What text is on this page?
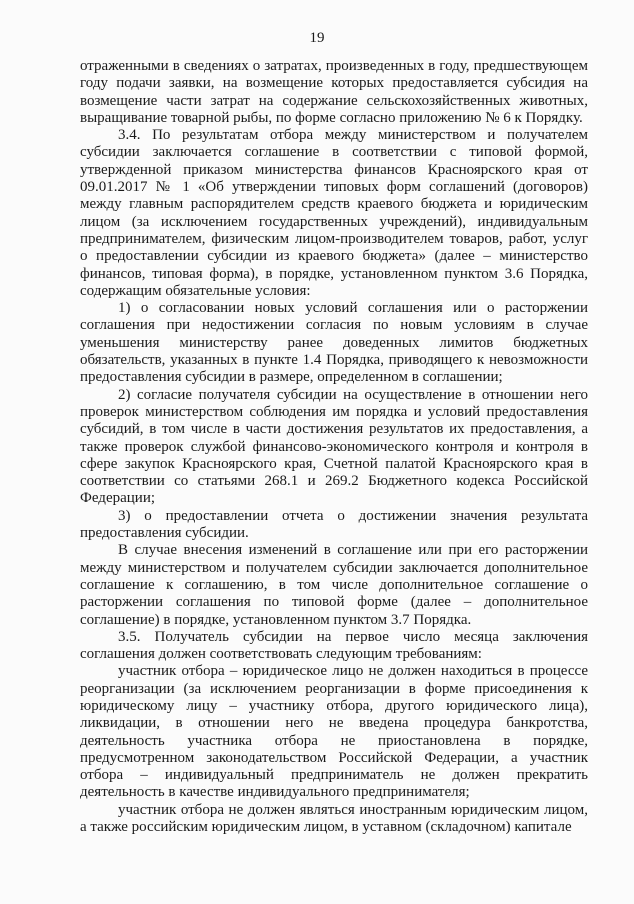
19

отраженными в сведениях о затратах, произведенных в году, предшествующем году подачи заявки, на возмещение которых предоставляется субсидия на возмещение части затрат на содержание сельскохозяйственных животных, выращивание товарной рыбы, по форме согласно приложению № 6 к Порядку.

3.4. По результатам отбора между министерством и получателем субсидии заключается соглашение в соответствии с типовой формой, утвержденной приказом министерства финансов Красноярского края от 09.01.2017 № 1 «Об утверждении типовых форм соглашений (договоров) между главным распорядителем средств краевого бюджета и юридическим лицом (за исключением государственных учреждений), индивидуальным предпринимателем, физическим лицом-производителем товаров, работ, услуг о предоставлении субсидии из краевого бюджета» (далее – министерство финансов, типовая форма), в порядке, установленном пунктом 3.6 Порядка, содержащим обязательные условия:

1) о согласовании новых условий соглашения или о расторжении соглашения при недостижении согласия по новым условиям в случае уменьшения министерству ранее доведенных лимитов бюджетных обязательств, указанных в пункте 1.4 Порядка, приводящего к невозможности предоставления субсидии в размере, определенном в соглашении;

2) согласие получателя субсидии на осуществление в отношении него проверок министерством соблюдения им порядка и условий предоставления субсидий, в том числе в части достижения результатов их предоставления, а также проверок службой финансово-экономического контроля и контроля в сфере закупок Красноярского края, Счетной палатой Красноярского края в соответствии со статьями 268.1 и 269.2 Бюджетного кодекса Российской Федерации;

3) о предоставлении отчета о достижении значения результата предоставления субсидии.

В случае внесения изменений в соглашение или при его расторжении между министерством и получателем субсидии заключается дополнительное соглашение к соглашению, в том числе дополнительное соглашение о расторжении соглашения по типовой форме (далее – дополнительное соглашение) в порядке, установленном пунктом 3.7 Порядка.

3.5. Получатель субсидии на первое число месяца заключения соглашения должен соответствовать следующим требованиям:

участник отбора – юридическое лицо не должен находиться в процессе реорганизации (за исключением реорганизации в форме присоединения к юридическому лицу – участнику отбора, другого юридического лица), ликвидации, в отношении него не введена процедура банкротства, деятельность участника отбора не приостановлена в порядке, предусмотренном законодательством Российской Федерации, а участник отбора – индивидуальный предприниматель не должен прекратить деятельность в качестве индивидуального предпринимателя;

участник отбора не должен являться иностранным юридическим лицом, а также российским юридическим лицом, в уставном (складочном) капитале
